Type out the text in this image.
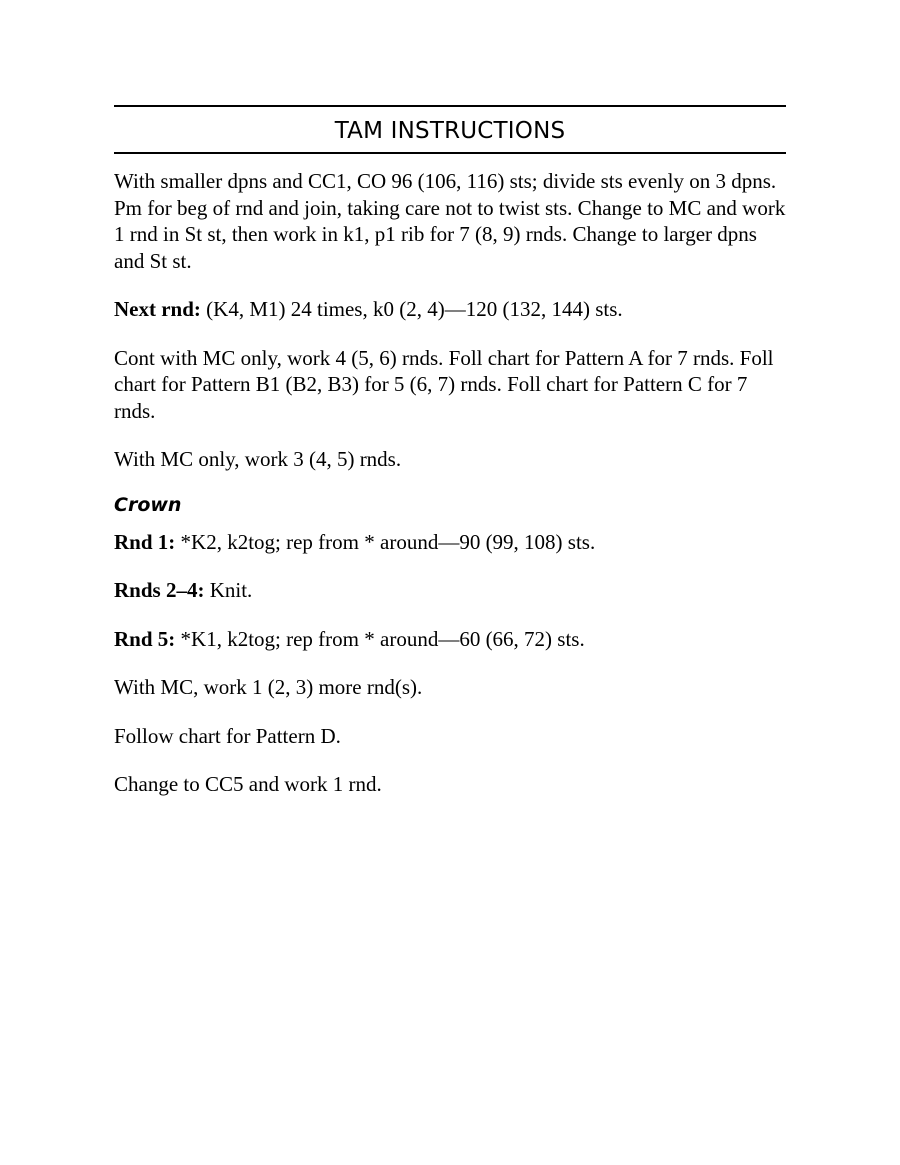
TAM INSTRUCTIONS

With smaller dpns and CC1, CO 96 (106, 116) sts; divide sts evenly on 3 dpns. Pm for beg of rnd and join, taking care not to twist sts. Change to MC and work 1 rnd in St st, then work in k1, p1 rib for 7 (8, 9) rnds. Change to larger dpns and St st.

Next rnd: (K4, M1) 24 times, k0 (2, 4)—120 (132, 144) sts.

Cont with MC only, work 4 (5, 6) rnds. Foll chart for Pattern A for 7 rnds. Foll chart for Pattern B1 (B2, B3) for 5 (6, 7) rnds. Foll chart for Pattern C for 7 rnds.

With MC only, work 3 (4, 5) rnds.

Crown

Rnd 1: *K2, k2tog; rep from * around—90 (99, 108) sts.

Rnds 2–4: Knit.

Rnd 5: *K1, k2tog; rep from * around—60 (66, 72) sts.

With MC, work 1 (2, 3) more rnd(s).

Follow chart for Pattern D.

Change to CC5 and work 1 rnd.
